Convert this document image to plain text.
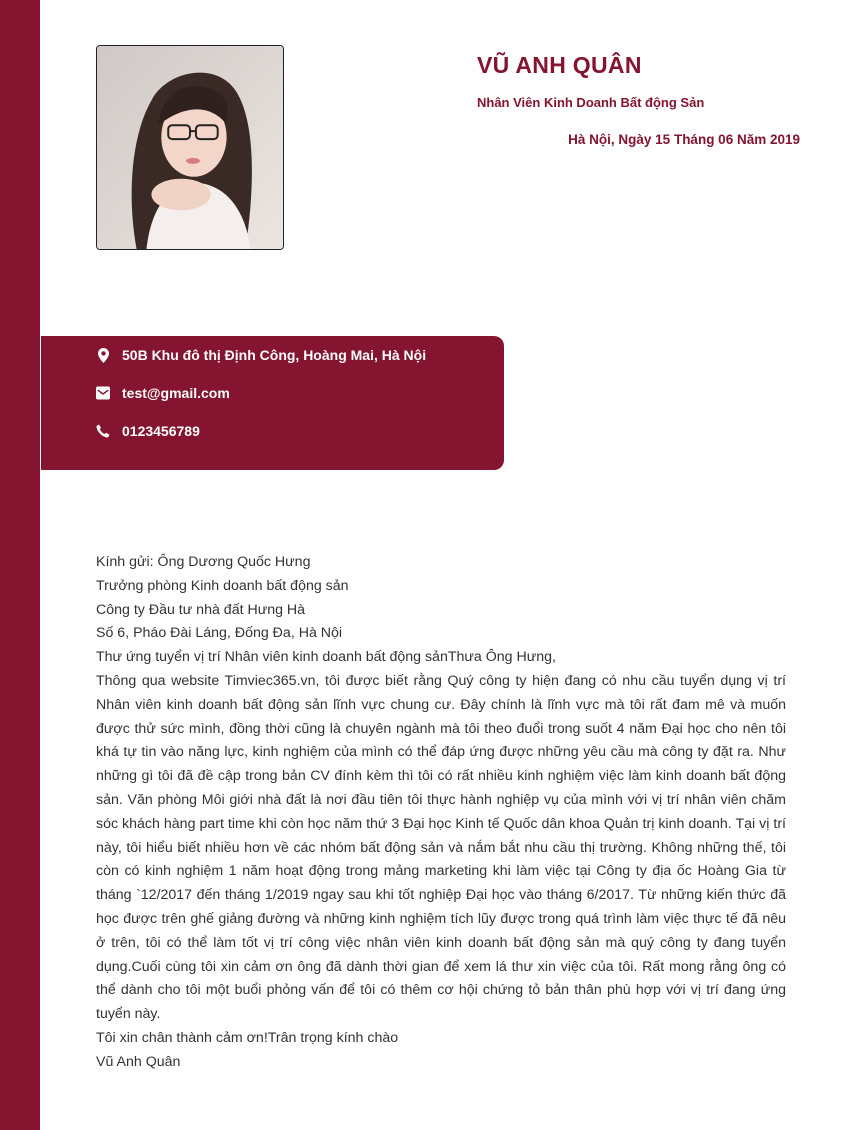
VŨ ANH QUÂN
Nhân Viên Kinh Doanh Bất động Sản
Hà Nội, Ngày 15 Tháng 06 Năm 2019
50B Khu đô thị Định Công, Hoàng Mai, Hà Nội
test@gmail.com
0123456789

Kính gửi: Ông Dương Quốc Hưng

Trưởng phòng Kinh doanh bất động sản

Công ty Đầu tư nhà đất Hưng Hà

Số 6, Pháo Đài Láng, Đống Đa, Hà Nội

Thư ứng tuyển vị trí Nhân viên kinh doanh bất động sảnThưa Ông Hưng,

Thông qua website Timviec365.vn, tôi được biết rằng Quý công ty hiện đang có nhu cầu tuyển dụng vị trí Nhân viên kinh doanh bất động sản lĩnh vực chung cư. Đây chính là lĩnh vực mà tôi rất đam mê và muốn được thử sức mình, đồng thời cũng là chuyên ngành mà tôi theo đuổi trong suốt 4 năm Đại học cho nên tôi khá tự tin vào năng lực, kinh nghiệm của mình có thể đáp ứng được những yêu cầu mà công ty đặt ra. Như những gì tôi đã đề cập trong bản CV đính kèm thì tôi có rất nhiều kinh nghiệm việc làm kinh doanh bất động sản. Văn phòng Môi giới nhà đất là nơi đầu tiên tôi thực hành nghiệp vụ của mình với vị trí nhân viên chăm sóc khách hàng part time khi còn học năm thứ 3 Đại học Kinh tế Quốc dân khoa Quản trị kinh doanh. Tại vị trí này, tôi hiểu biết nhiều hơn về các nhóm bất động sản và nắm bắt nhu cầu thị trường. Không những thế, tôi còn có kinh nghiệm 1 năm hoạt động trong mảng marketing khi làm việc tại Công ty địa ốc Hoàng Gia từ tháng `12/2017 đến tháng 1/2019 ngay sau khi tốt nghiệp Đại học vào tháng 6/2017. Từ những kiến thức đã học được trên ghế giảng đường và những kinh nghiệm tích lũy được trong quá trình làm việc thực tế đã nêu ở trên, tôi có thể làm tốt vị trí công việc nhân viên kinh doanh bất động sản mà quý công ty đang tuyển dụng.Cuối cùng tôi xin cảm ơn ông đã dành thời gian để xem lá thư xin việc của tôi. Rất mong rằng ông có thể dành cho tôi một buổi phỏng vấn để tôi có thêm cơ hội chứng tỏ bản thân phù hợp với vị trí đang ứng tuyển này.

Tôi xin chân thành cảm ơn!Trân trọng kính chào

Vũ Anh Quân
